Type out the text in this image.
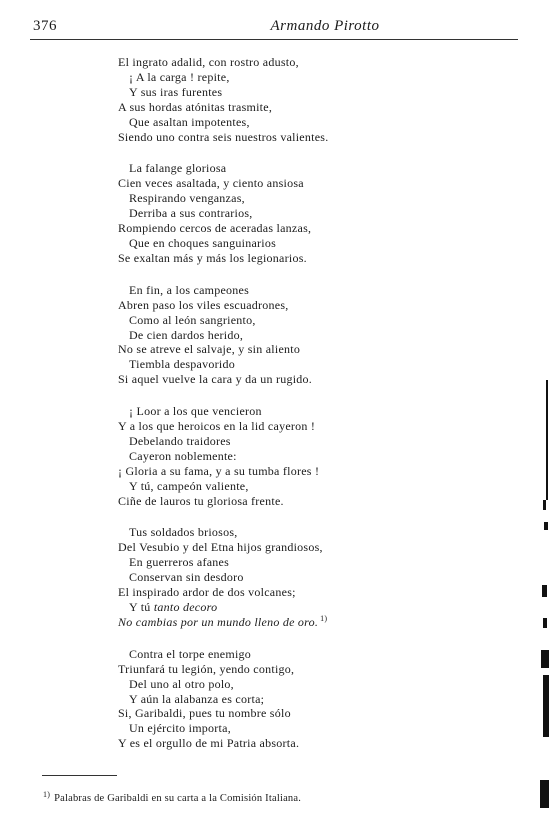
376	Armando Pirotto
El ingrato adalid, con rostro adusto,
¡ A la carga ! repite,
Y sus iras furentes
A sus hordas atónitas trasmite,
Que asaltan impotentes,
Siendo uno contra seis nuestros valientes.
La falange gloriosa
Cien veces asaltada, y ciento ansiosa
Respirando venganzas,
Derriba a sus contrarios,
Rompiendo cercos de aceradas lanzas,
Que en choques sanguinarios
Se exaltan más y más los legionarios.
En fin, a los campeones
Abren paso los viles escuadrones,
Como al león sangriento,
De cien dardos herido,
No se atreve el salvaje, y sin aliento
Tiembla despavorido
Si aquel vuelve la cara y da un rugido.
¡ Loor a los que vencieron
Y a los que heroicos en la lid cayeron !
Debelando traidores
Cayeron noblemente:
¡ Gloria a su fama, y a su tumba flores !
Y tú, campeón valiente,
Ciñe de lauros tu gloriosa frente.
Tus soldados briosos,
Del Vesubio y del Etna hijos grandiosos,
En guerreros afanes
Conservan sin desdoro
El inspirado ardor de dos volcanes;
Y tú tanto decoro
No cambias por un mundo lleno de oro. $^{1)}$
Contra el torpe enemigo
Triunfará tu legión, yendo contigo,
Del uno al otro polo,
Y aún la alabanza es corta;
Si, Garibaldi, pues tu nombre sólo
Un ejército importa,
Y es el orgullo de mi Patria absorta.
$^{1)}$ Palabras de Garibaldi en su carta a la Comisión Italiana.
